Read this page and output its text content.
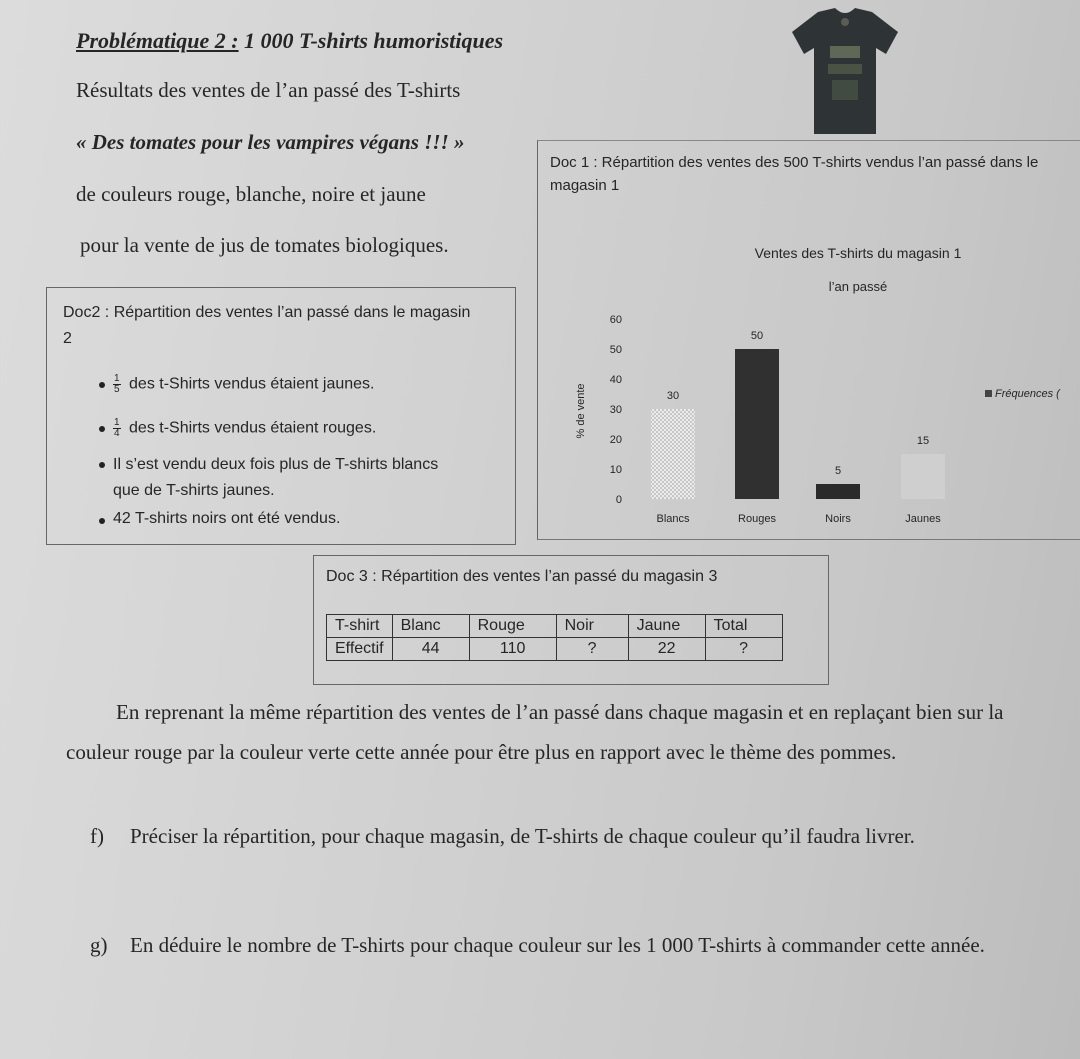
Problématique 2 : 1 000 T-shirts humoristiques
Résultats des ventes de l’an passé des T-shirts
« Des tomates pour les vampires végans !!! »
de couleurs rouge, blanche, noire et jaune
pour la vente de jus de tomates biologiques.
Doc 1 : Répartition des ventes des 500 T-shirts vendus l’an passé dans le magasin 1
Ventes des T-shirts du magasin 1
l’an passé
% de vente
0
10
20
30
40
50
60
30
50
5
15
Blancs	Rouges	Noirs	Jaunes
Fréquences (
Doc2 : Répartition des ventes l’an passé dans le magasin 2
$\frac{1}{5}$ des t-Shirts vendus étaient jaunes.
$\frac{1}{4}$ des t-Shirts vendus étaient rouges.
Il s’est vendu deux fois plus de T-shirts blancs que de T-shirts jaunes.
42 T-shirts noirs ont été vendus.
Doc 3 : Répartition des ventes l’an passé du magasin 3
T-shirt	Blanc	Rouge	Noir	Jaune	Total
Effectif	44	110	?	22	?
En reprenant la même répartition des ventes de l’an passé dans chaque magasin et en replaçant bien sur la couleur rouge par la couleur verte cette année pour être plus en rapport avec le thème des pommes.
f) Préciser la répartition, pour chaque magasin, de T-shirts de chaque couleur qu’il faudra livrer.
g) En déduire le nombre de T-shirts pour chaque couleur sur les 1 000 T-shirts à commander cette année.
